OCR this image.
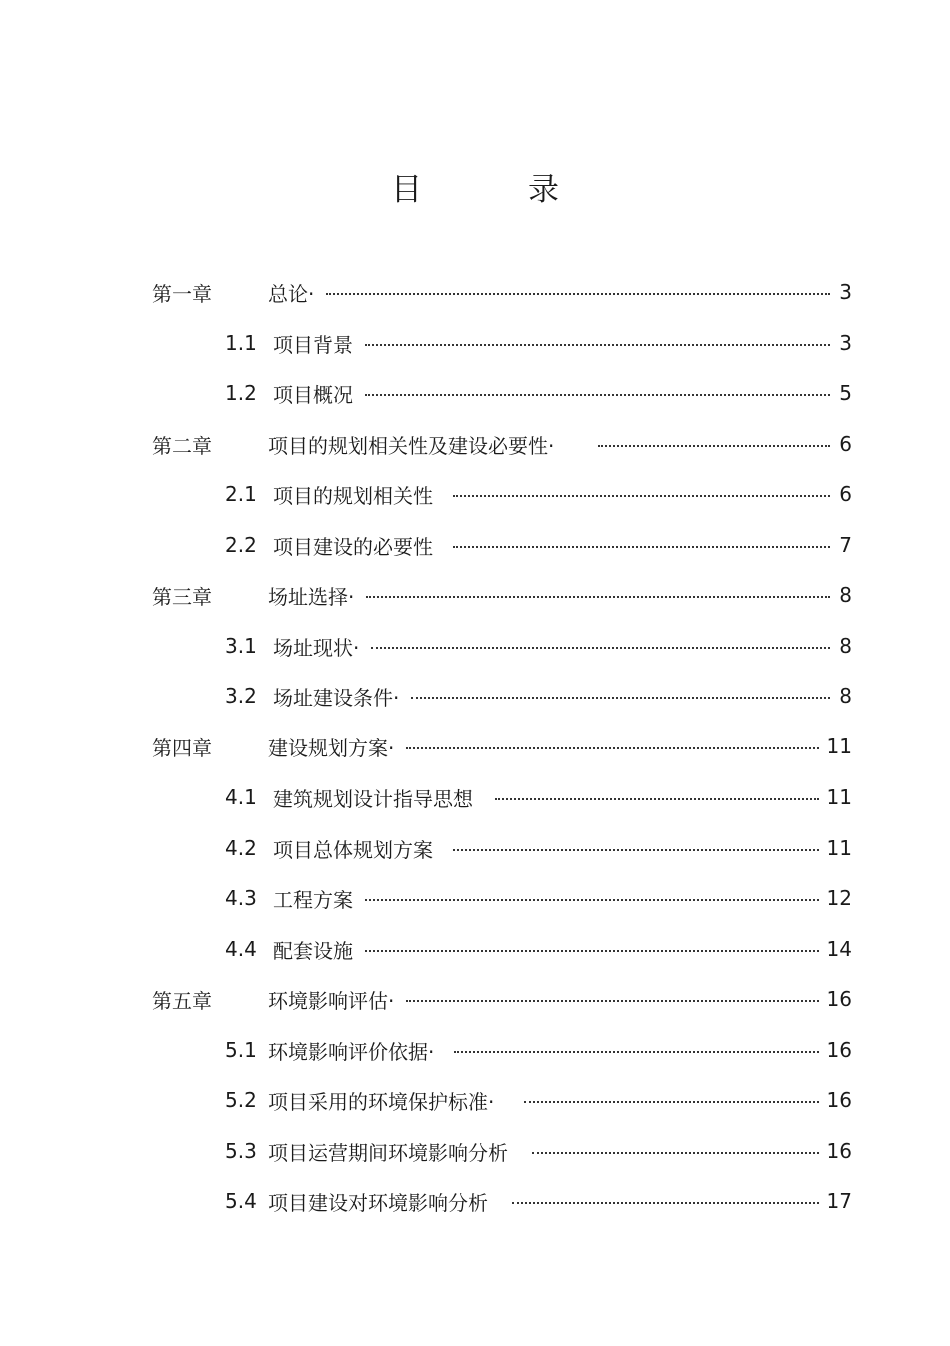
目	录
第一章	总论·	3
1.1 项目背景	3
1.2 项目概况	5
第二章	项目的规划相关性及建设必要性·	6
2.1 项目的规划相关性	6
2.2 项目建设的必要性	7
第三章	场址选择·	8
3.1 场址现状·	8
3.2 场址建设条件·	8
第四章	建设规划方案·	11
4.1 建筑规划设计指导思想	11
4.2 项目总体规划方案	11
4.3 工程方案	12
4.4 配套设施	14
第五章	环境影响评估·	16
5.1 环境影响评价依据·	16
5.2 项目采用的环境保护标准·	16
5.3 项目运营期间环境影响分析	16
5.4 项目建设对环境影响分析	17
